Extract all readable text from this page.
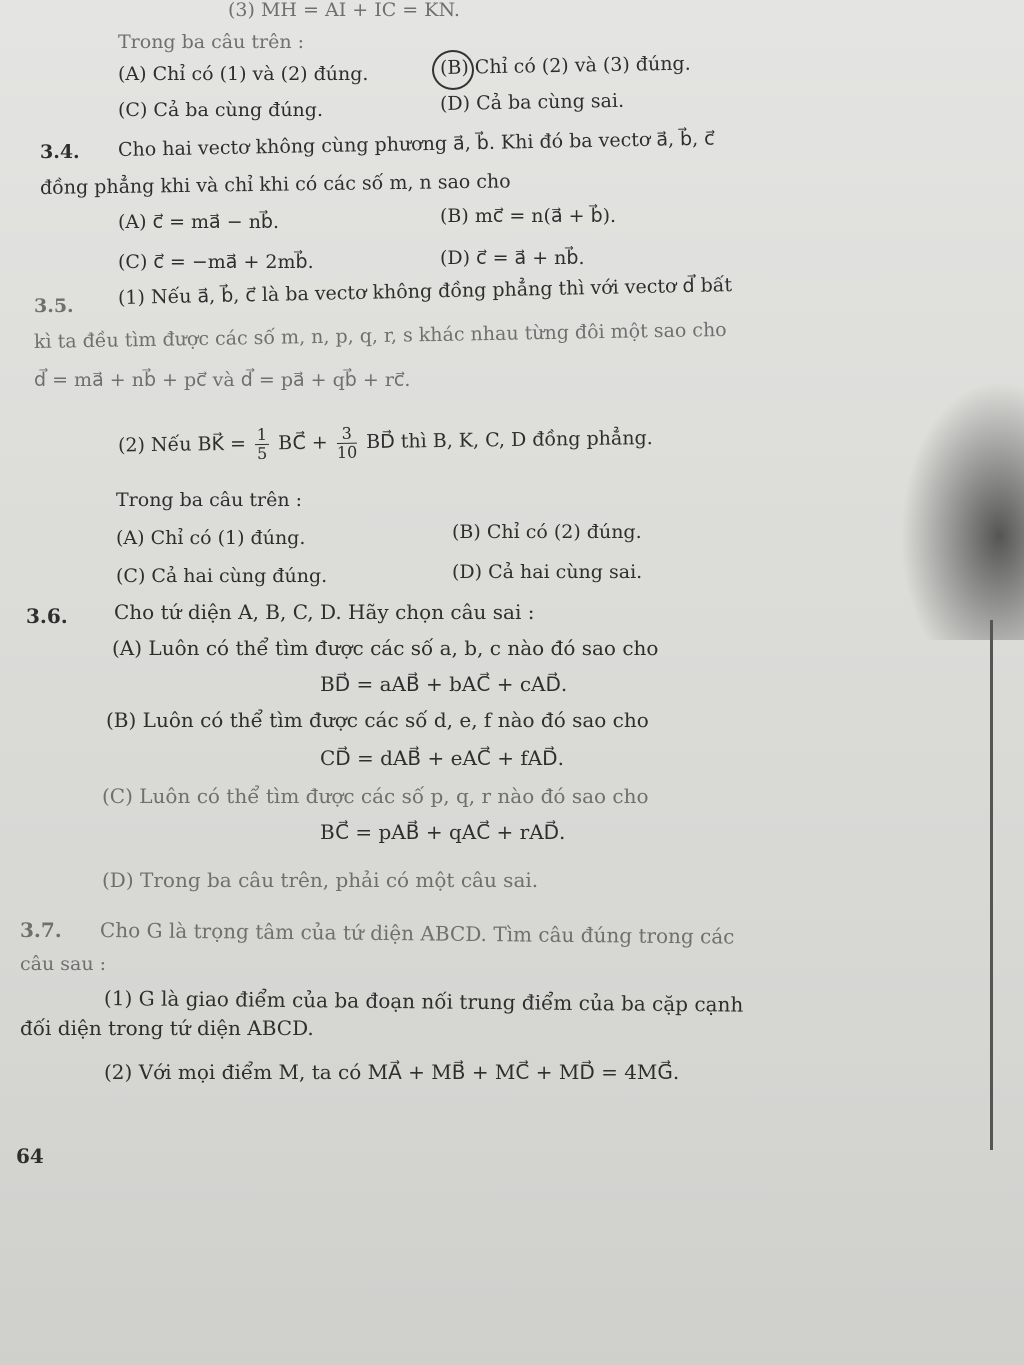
(3) MH = AI + IC = KN.
Trong ba câu trên :
(A) Chỉ có (1) và (2) đúng.	(B) Chỉ có (2) và (3) đúng.
(C) Cả ba cùng đúng.	(D) Cả ba cùng sai.
3.4. Cho hai vectơ không cùng phương a⃗, b⃗. Khi đó ba vectơ a⃗, b⃗, c⃗
đồng phẳng khi và chỉ khi có các số m, n sao cho
(A) c⃗ = ma⃗ − nb⃗.	(B) mc⃗ = n(a⃗ + b⃗).
(C) c⃗ = −ma⃗ + 2mb⃗.	(D) c⃗ = a⃗ + nb⃗.
3.5. (1) Nếu a⃗, b⃗, c⃗ là ba vectơ không đồng phẳng thì với vectơ d⃗ bất
kì ta đều tìm được các số m, n, p, q, r, s khác nhau từng đôi một sao cho
d⃗ = ma⃗ + nb⃗ + pc⃗ và d⃗ = pa⃗ + qb⃗ + rc⃗.
(2) Nếu BK⃗ = $\frac{1}{5}$ BC⃗ + $\frac{3}{10}$ BD⃗ thì B, K, C, D đồng phẳng.
Trong ba câu trên :
(A) Chỉ có (1) đúng.	(B) Chỉ có (2) đúng.
(C) Cả hai cùng đúng.	(D) Cả hai cùng sai.
3.6. Cho tứ diện A, B, C, D. Hãy chọn câu sai :
(A) Luôn có thể tìm được các số a, b, c nào đó sao cho
BD⃗ = aAB⃗ + bAC⃗ + cAD⃗.
(B) Luôn có thể tìm được các số d, e, f nào đó sao cho
CD⃗ = dAB⃗ + eAC⃗ + fAD⃗.
(C) Luôn có thể tìm được các số p, q, r nào đó sao cho
BC⃗ = pAB⃗ + qAC⃗ + rAD⃗.
(D) Trong ba câu trên, phải có một câu sai.
3.7. Cho G là trọng tâm của tứ diện ABCD. Tìm câu đúng trong các
câu sau :
(1) G là giao điểm của ba đoạn nối trung điểm của ba cặp cạnh
đối diện trong tứ diện ABCD.
(2) Với mọi điểm M, ta có MA⃗ + MB⃗ + MC⃗ + MD⃗ = 4MG⃗.
64
